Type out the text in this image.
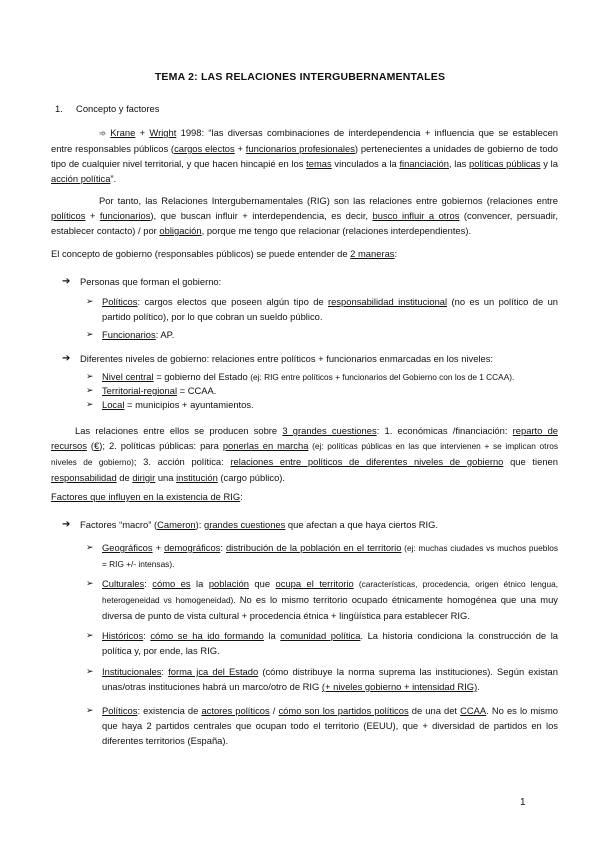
TEMA 2: LAS RELACIONES INTERGUBERNAMENTALES
1. Concepto y factores
➾ Krane + Wright 1998: “las diversas combinaciones de interdependencia + influencia que se establecen entre responsables públicos (cargos electos + funcionarios profesionales) pertenecientes a unidades de gobierno de todo tipo de cualquier nivel territorial, y que hacen hincapié en los temas vinculados a la financiación, las políticas públicas y la acción política”.
Por tanto, las Relaciones Intergubernamentales (RIG) son las relaciones entre gobiernos (relaciones entre políticos + funcionarios), que buscan influir + interdependencia, es decir, busco influir a otros (convencer, persuadir, establecer contacto) / por obligación, porque me tengo que relacionar (relaciones interdependientes).
El concepto de gobierno (responsables públicos) se puede entender de 2 maneras:
➔ Personas que forman el gobierno:
➢ Políticos: cargos electos que poseen algún tipo de responsabilidad institucional (no es un político de un partido político), por lo que cobran un sueldo público.
➢ Funcionarios: AP.
➔ Diferentes niveles de gobierno: relaciones entre políticos + funcionarios enmarcadas en los niveles:
➢ Nivel central = gobierno del Estado (ej: RIG entre políticos + funcionarios del Gobierno con los de 1 CCAA).
➢ Territorial-regional = CCAA.
➢ Local = municipios + ayuntamientos.
Las relaciones entre ellos se producen sobre 3 grandes cuestiones: 1. económicas /financiación: reparto de recursos (€); 2. políticas públicas: para ponerlas en marcha (ej: políticas públicas en las que intervienen + se implican otros niveles de gobierno); 3. acción política: relaciones entre políticos de diferentes niveles de gobierno que tienen responsabilidad de dirigir una institución (cargo público).
Factores que influyen en la existencia de RIG:
➔ Factores “macro” (Cameron): grandes cuestiones que afectan a que haya ciertos RIG.
➢ Geográficos + demográficos: distribución de la población en el territorio (ej: muchas ciudades vs muchos pueblos = RIG +/- intensas).
➢ Culturales: cómo es la población que ocupa el territorio (características, procedencia, origen étnico lengua, heterogeneidad vs homogeneidad). No es lo mismo territorio ocupado étnicamente homogénea que una muy diversa de punto de vista cultural + procedencia étnica + lingüística para establecer RIG.
➢ Históricos: cómo se ha ido formando la comunidad política. La historia condiciona la construcción de la política y, por ende, las RIG.
➢ Institucionales: forma jca del Estado (cómo distribuye la norma suprema las instituciones). Según existan unas/otras instituciones habrá un marco/otro de RIG (+ niveles gobierno + intensidad RIG).
➢ Políticos: existencia de actores políticos / cómo son los partidos políticos de una det CCAA. No es lo mismo que haya 2 partidos centrales que ocupan todo el territorio (EEUU), que + diversidad de partidos en los diferentes territorios (España).
1
